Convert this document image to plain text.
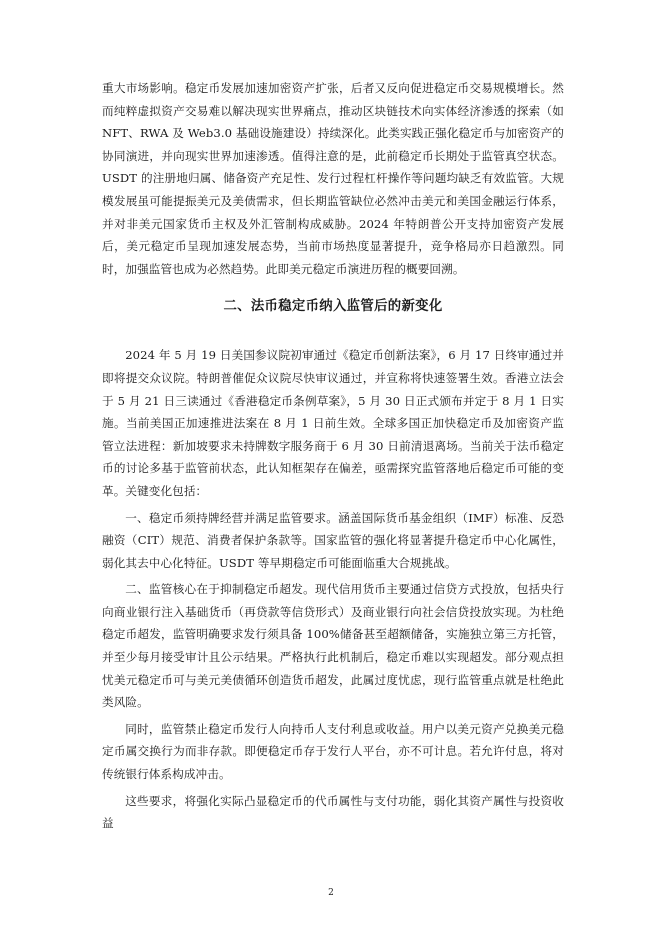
重大市场影响。稳定币发展加速加密资产扩张，后者又反向促进稳定币交易规模增长。然而纯粹虚拟资产交易难以解决现实世界痛点，推动区块链技术向实体经济渗透的探索（如NFT、RWA 及 Web3.0 基础设施建设）持续深化。此类实践正强化稳定币与加密资产的协同演进，并向现实世界加速渗透。值得注意的是，此前稳定币长期处于监管真空状态。USDT 的注册地归属、储备资产充足性、发行过程杠杆操作等问题均缺乏有效监管。大规模发展虽可能提振美元及美债需求，但长期监管缺位必然冲击美元和美国金融运行体系，并对非美元国家货币主权及外汇管制构成威胁。2024 年特朗普公开支持加密资产发展后，美元稳定币呈现加速发展态势，当前市场热度显著提升，竞争格局亦日趋激烈。同时，加强监管也成为必然趋势。此即美元稳定币演进历程的概要回溯。

二、法币稳定币纳入监管后的新变化

2024 年 5 月 19 日美国参议院初审通过《稳定币创新法案》，6 月 17 日终审通过并即将提交众议院。特朗普催促众议院尽快审议通过，并宣称将快速签署生效。香港立法会于 5 月 21 日三读通过《香港稳定币条例草案》，5 月 30 日正式颁布并定于 8 月 1 日实施。当前美国正加速推进法案在 8 月 1 日前生效。全球多国正加快稳定币及加密资产监管立法进程：新加坡要求未持牌数字服务商于 6 月 30 日前清退离场。当前关于法币稳定币的讨论多基于监管前状态，此认知框架存在偏差，亟需探究监管落地后稳定币可能的变革。关键变化包括：

一、稳定币须持牌经营并满足监管要求。涵盖国际货币基金组织（IMF）标准、反恐融资（CIT）规范、消费者保护条款等。国家监管的强化将显著提升稳定币中心化属性，弱化其去中心化特征。USDT 等早期稳定币可能面临重大合规挑战。

二、监管核心在于抑制稳定币超发。现代信用货币主要通过信贷方式投放，包括央行向商业银行注入基础货币（再贷款等信贷形式）及商业银行向社会信贷投放实现。为杜绝稳定币超发，监管明确要求发行须具备 100%储备甚至超额储备，实施独立第三方托管，并至少每月接受审计且公示结果。严格执行此机制后，稳定币难以实现超发。部分观点担忧美元稳定币可与美元美债循环创造货币超发，此属过度忧虑，现行监管重点就是杜绝此类风险。

同时，监管禁止稳定币发行人向持币人支付利息或收益。用户以美元资产兑换美元稳定币属交换行为而非存款。即便稳定币存于发行人平台，亦不可计息。若允许付息，将对传统银行体系构成冲击。

这些要求，将强化实际凸显稳定币的代币属性与支付功能，弱化其资产属性与投资收益

2
